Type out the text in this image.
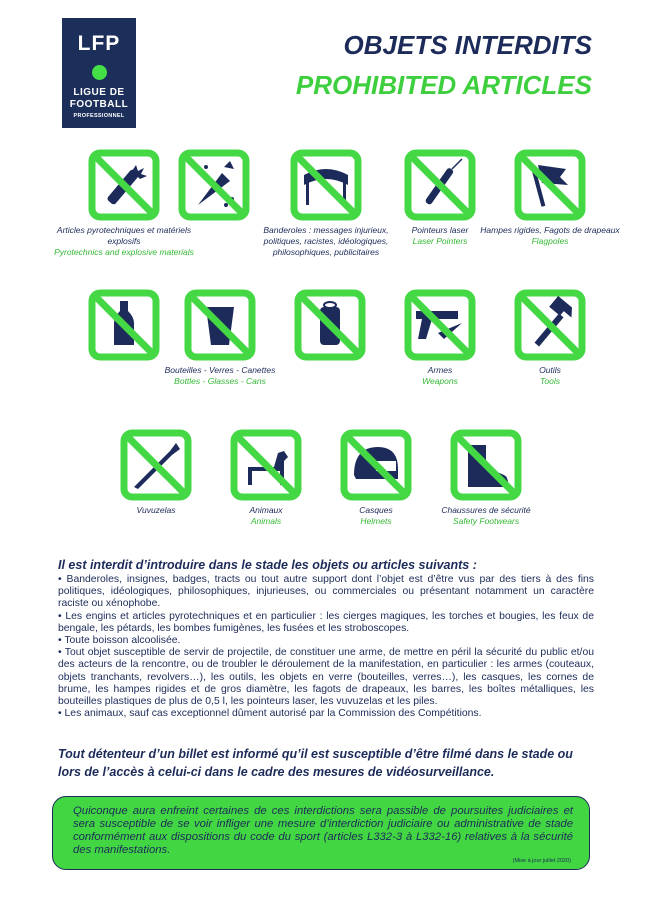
LFP
LIGUE DE
FOOTBALL
PROFESSIONNEL
OBJETS INTERDITS
PROHIBITED ARTICLES
Articles pyrotechniques et matériels explosifs
Pyrotechnics and explosive materials
Banderoles : messages injurieux, politiques, racistes, idéologiques, philosophiques, publicitaires
Pointeurs laser
Laser Pointers
Hampes rigides, Fagots de drapeaux
Flagpoles
Bouteilles - Verres - Canettes
Bottles - Glasses - Cans
Armes
Weapons
Outils
Tools
Vuvuzelas	Animaux
Animals
Casques
Helmets
Chaussures de sécurité
Safety Footwears
Il est interdit d’introduire dans le stade les objets ou articles suivants :

• Banderoles, insignes, badges, tracts ou tout autre support dont l’objet est d’être vus par des tiers à des fins politiques, idéologiques, philosophiques, injurieuses, ou commerciales ou présentant notamment un caractère raciste ou xénophobe.

• Les engins et articles pyrotechniques et en particulier : les cierges magiques, les torches et bougies, les feux de bengale, les pétards, les bombes fumigènes, les fusées et les stroboscopes.

• Toute boisson alcoolisée.

• Tout objet susceptible de servir de projectile, de constituer une arme, de mettre en péril la sécurité du public et/ou des acteurs de la rencontre, ou de troubler le déroulement de la manifestation, en particulier : les armes (couteaux, objets tranchants, revolvers…), les outils, les objets en verre (bouteilles, verres…), les casques, les cornes de brume, les hampes rigides et de gros diamètre, les fagots de drapeaux, les barres, les boîtes métalliques, les bouteilles plastiques de plus de 0,5 l, les pointeurs laser, les vuvuzelas et les piles.

• Les animaux, sauf cas exceptionnel dûment autorisé par la Commission des Compétitions.

Tout détenteur d’un billet est informé qu’il est susceptible d’être filmé dans le stade ou lors de l’accès à celui-ci dans le cadre des mesures de vidéosurveillance.
Quiconque aura enfreint certaines de ces interdictions sera passible de poursuites judiciaires et sera susceptible de se voir infliger une mesure d’interdiction judiciaire ou administrative de stade conformément aux dispositions du code du sport (articles L332-3 à L332-16) relatives à la sécurité des manifestations.
(Mise à jour juillet 2020)
